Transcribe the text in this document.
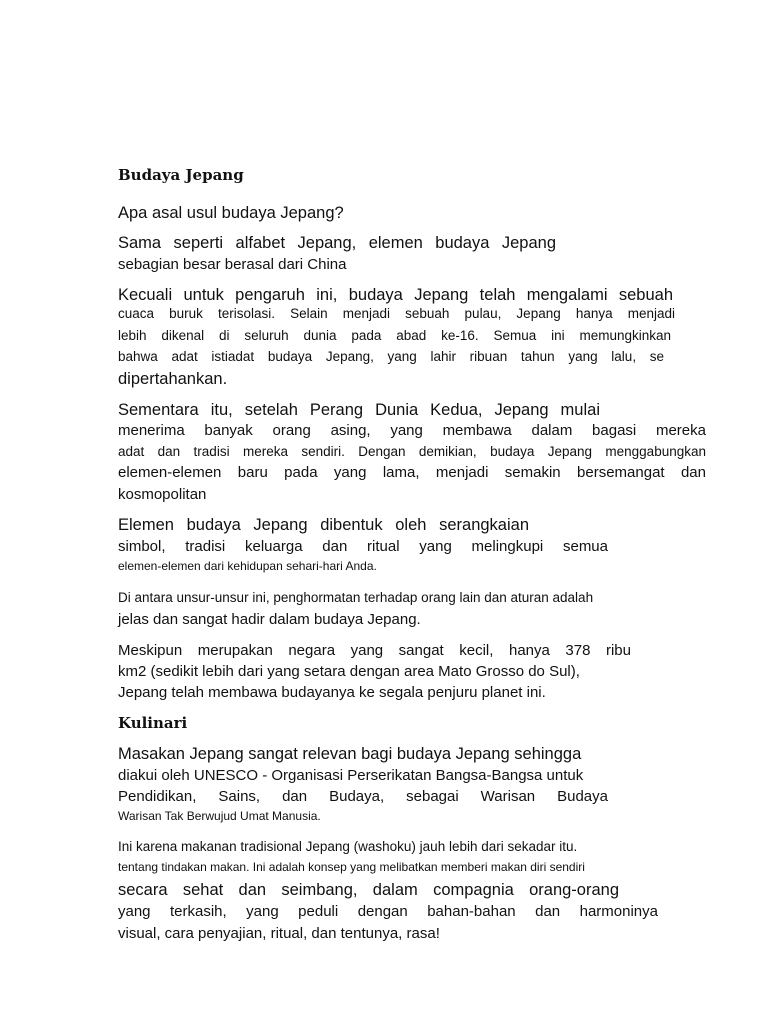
Budaya Jepang
Apa asal usul budaya Jepang?
Sama seperti alfabet Jepang, elemen budaya Jepang
sebagian besar berasal dari China
Kecuali untuk pengaruh ini, budaya Jepang telah mengalami sebuah
cuaca buruk terisolasi. Selain menjadi sebuah pulau, Jepang hanya menjadi
lebih dikenal di seluruh dunia pada abad ke-16. Semua ini memungkinkan
bahwa adat istiadat budaya Jepang, yang lahir ribuan tahun yang lalu, se
dipertahankan.
Sementara itu, setelah Perang Dunia Kedua, Jepang mulai
menerima banyak orang asing, yang membawa dalam bagasi mereka
adat dan tradisi mereka sendiri. Dengan demikian, budaya Jepang menggabungkan
elemen-elemen baru pada yang lama, menjadi semakin bersemangat dan
kosmopolitan
Elemen budaya Jepang dibentuk oleh serangkaian
simbol, tradisi keluarga dan ritual yang melingkupi semua
elemen-elemen dari kehidupan sehari-hari Anda.
Di antara unsur-unsur ini, penghormatan terhadap orang lain dan aturan adalah
jelas dan sangat hadir dalam budaya Jepang.
Meskipun merupakan negara yang sangat kecil, hanya 378 ribu
km2 (sedikit lebih dari yang setara dengan area Mato Grosso do Sul),
Jepang telah membawa budayanya ke segala penjuru planet ini.
Kulinari
Masakan Jepang sangat relevan bagi budaya Jepang sehingga
diakui oleh UNESCO - Organisasi Perserikatan Bangsa-Bangsa untuk
Pendidikan, Sains, dan Budaya, sebagai Warisan Budaya
Warisan Tak Berwujud Umat Manusia.
Ini karena makanan tradisional Jepang (washoku) jauh lebih dari sekadar itu.
tentang tindakan makan. Ini adalah konsep yang melibatkan memberi makan diri sendiri
secara sehat dan seimbang, dalam compagnia orang-orang
yang terkasih, yang peduli dengan bahan-bahan dan harmoninya
visual, cara penyajian, ritual, dan tentunya, rasa!
